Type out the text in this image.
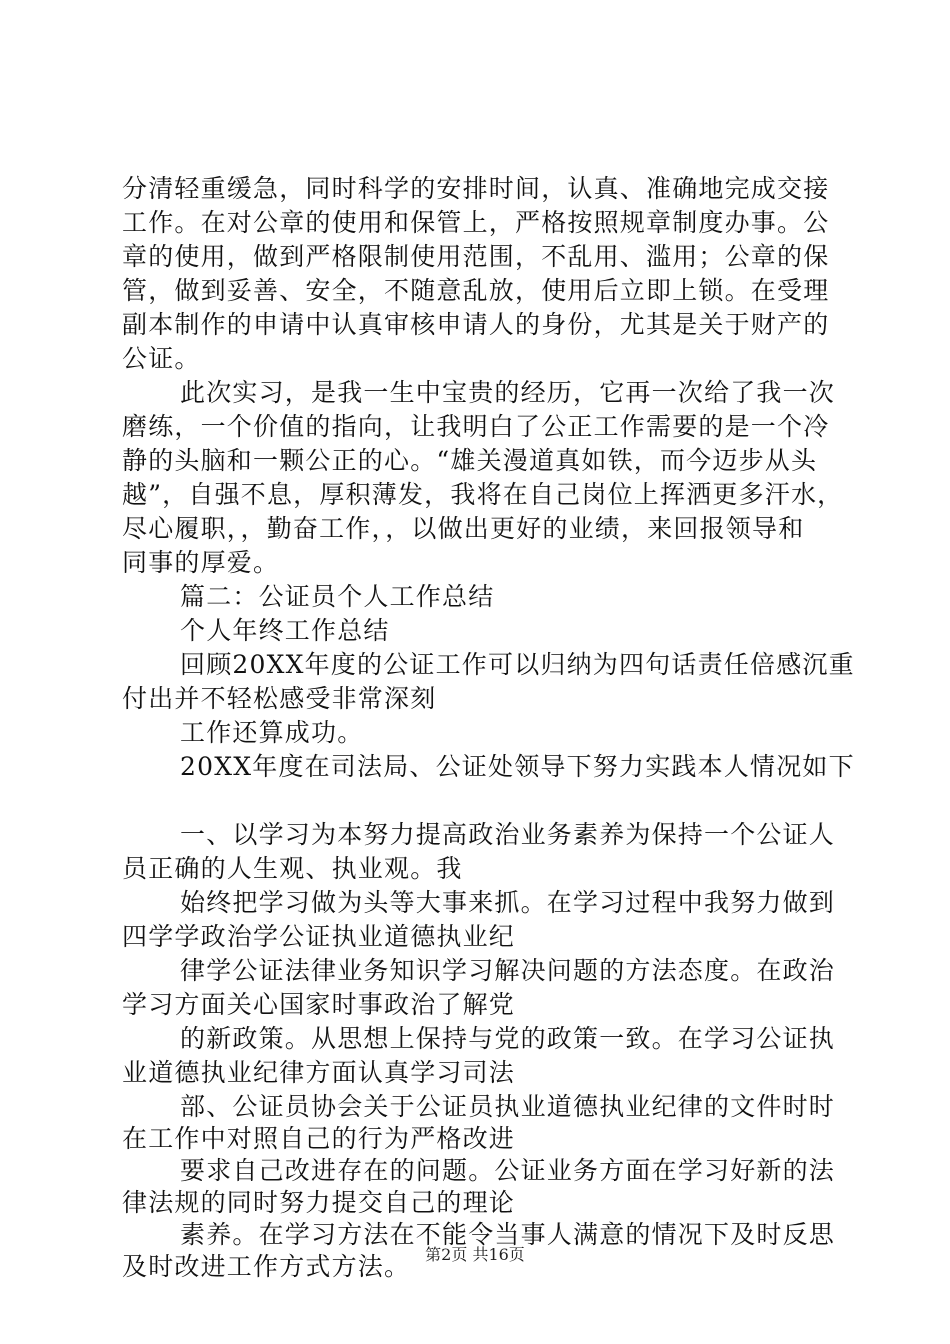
分清轻重缓急，同时科学的安排时间，认真、准确地完成交接
工作。在对公章的使用和保管上，严格按照规章制度办事。公
章的使用，做到严格限制使用范围，不乱用、滥用；公章的保
管，做到妥善、安全，不随意乱放，使用后立即上锁。在受理
副本制作的申请中认真审核申请人的身份，尤其是关于财产的
公证。
此次实习，是我一生中宝贵的经历，它再一次给了我一次
磨练，一个价值的指向，让我明白了公正工作需要的是一个冷
静的头脑和一颗公正的心。“雄关漫道真如铁，而今迈步从头
越”，自强不息，厚积薄发，我将在自己岗位上挥洒更多汗水，
尽心履职，，勤奋工作，，以做出更好的业绩，来回报领导和
同事的厚爱。
篇二：公证员个人工作总结
个人年终工作总结
回顾20XX年度的公证工作可以归纳为四句话责任倍感沉重
付出并不轻松感受非常深刻
工作还算成功。
20XX年度在司法局、公证处领导下努力实践本人情况如下
一、以学习为本努力提高政治业务素养为保持一个公证人
员正确的人生观、执业观。我
始终把学习做为头等大事来抓。在学习过程中我努力做到
四学学政治学公证执业道德执业纪
律学公证法律业务知识学习解决问题的方法态度。在政治
学习方面关心国家时事政治了解党
的新政策。从思想上保持与党的政策一致。在学习公证执
业道德执业纪律方面认真学习司法
部、公证员协会关于公证员执业道德执业纪律的文件时时
在工作中对照自己的行为严格改进
要求自己改进存在的问题。公证业务方面在学习好新的法
律法规的同时努力提交自己的理论
素养。在学习方法在不能令当事人满意的情况下及时反思
及时改进工作方式方法。 第2页 共16页
